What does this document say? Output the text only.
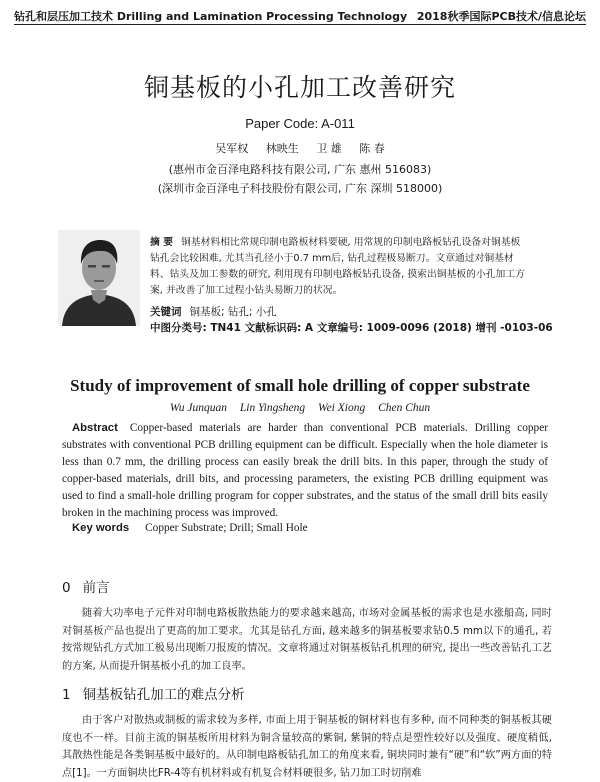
钻孔和层压加工技术 Drilling and Lamination Processing Technology 2018秋季国际PCB技术/信息论坛
铜基板的小孔加工改善研究
Paper Code: A-011
吴军权 林映生 卫 雄 陈 春
(惠州市金百泽电路科技有限公司, 广东 惠州 516083)
(深圳市金百泽电子科技股份有限公司, 广东 深圳 518000)
摘 要 铜基材料相比常规印制电路板材料要硬, 用常规的印制电路板钻孔设备对铜基板钻孔会比较困难, 尤其当孔径小于0.7 mm后, 钻孔过程极易断刀。文章通过对铜基材料、钻头及加工参数的研究, 利用现有印制电路板钻孔设备, 摸索出铜基板的小孔加工方案, 并改善了加工过程小钻头易断刀的状况。
关键词 铜基板; 钻孔; 小孔
中图分类号: TN41 文献标识码: A 文章编号: 1009-0096 (2018) 增刊 -0103-06
Study of improvement of small hole drilling of copper substrate
Wu Junquan Lin Yingsheng Wei Xiong Chen Chun
Abstract Copper-based materials are harder than conventional PCB materials. Drilling copper substrates with conventional PCB drilling equipment can be difficult. Especially when the hole diameter is less than 0.7 mm, the drilling process can easily break the drill bits. In this paper, through the study of copper-based materials, drill bits, and processing parameters, the existing PCB drilling equipment was used to find a small-hole drilling program for copper substrates, and the status of the small drill bits easily broken in the machining process was improved.
Key words Copper Substrate; Drill; Small Hole
0 前言
随着大功率电子元件对印制电路板散热能力的要求越来越高, 市场对金属基板的需求也是水涨船高, 同时对铜基板产品也提出了更高的加工要求。尤其是钻孔方面, 越来越多的铜基板要求钻0.5 mm以下的通孔, 若按常规钻孔方式加工极易出现断刀报废的情况。文章将通过对铜基板钻孔机理的研究, 提出一些改善钻孔工艺的方案, 从而提升铜基板小孔的加工良率。
1 铜基板钻孔加工的难点分析
由于客户对散热或制板的需求较为多样, 市面上用于铜基板的铜材料也有多种, 而不同种类的铜基板其硬度也不一样。目前主流的铜基板所用材料为铜含量较高的紫铜, 紫铜的特点是塑性较好以及强度、硬度稍低, 其散热性能是各类铜基板中最好的。从印制电路板钻孔加工的角度来看, 铜块同时兼有“硬”和“软”两方面的特点[1]。一方面铜块比FR-4等有机材料或有机复合材料硬很多, 钻刀加工时切削难
